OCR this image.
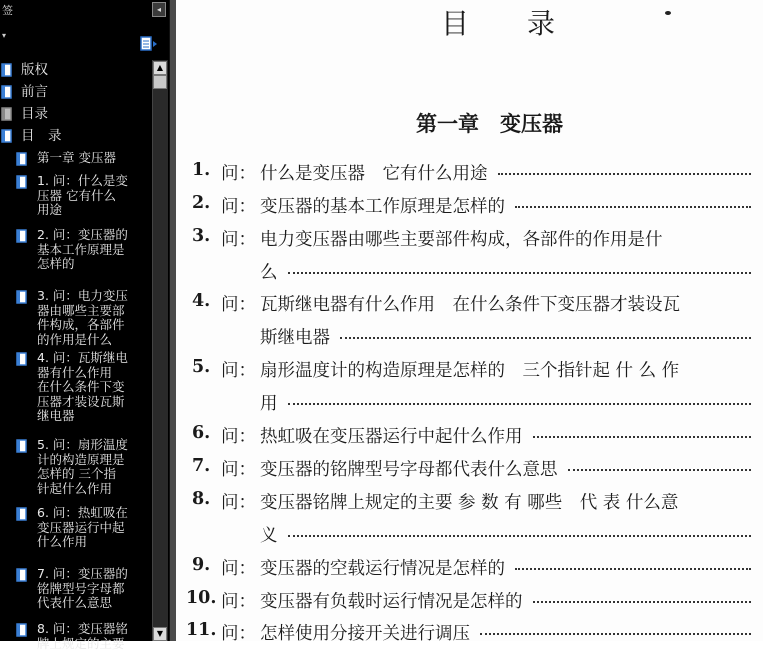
签	◂
▾
版权
前言
目录
目　录
第一章 变压器
1. 问：什么是变
压器 它有什么
用途
2. 问：变压器的
基本工作原理是
怎样的
3. 问：电力变压
器由哪些主要部
件构成，各部件
的作用是什么
4. 问：瓦斯继电
器有什么作用
在什么条件下变
压器才装设瓦斯
继电器
5. 问：扇形温度
计的构造原理是
怎样的 三个指
针起什么作用
6. 问：热虹吸在
变压器运行中起
什么作用
7. 问：变压器的
铭牌型号字母都
代表什么意思
8. 问：变压器铭
牌上规定的主要
▲
▼
目录
第一章　变压器
1. 问： 什么是变压器　它有什么用途
2. 问： 变压器的基本工作原理是怎样的
3. 问： 电力变压器由哪些主要部件构成，各部件的作用是什
么
4. 问： 瓦斯继电器有什么作用　在什么条件下变压器才装设瓦
斯继电器
5. 问： 扇形温度计的构造原理是怎样的　三个指针起 什 么 作
用
6. 问： 热虹吸在变压器运行中起什么作用
7. 问： 变压器的铭牌型号字母都代表什么意思
8. 问： 变压器铭牌上规定的主要 参 数 有 哪些　代 表 什么意
义
9. 问： 变压器的空载运行情况是怎样的
10. 问： 变压器有负载时运行情况是怎样的
11. 问： 怎样使用分接开关进行调压
